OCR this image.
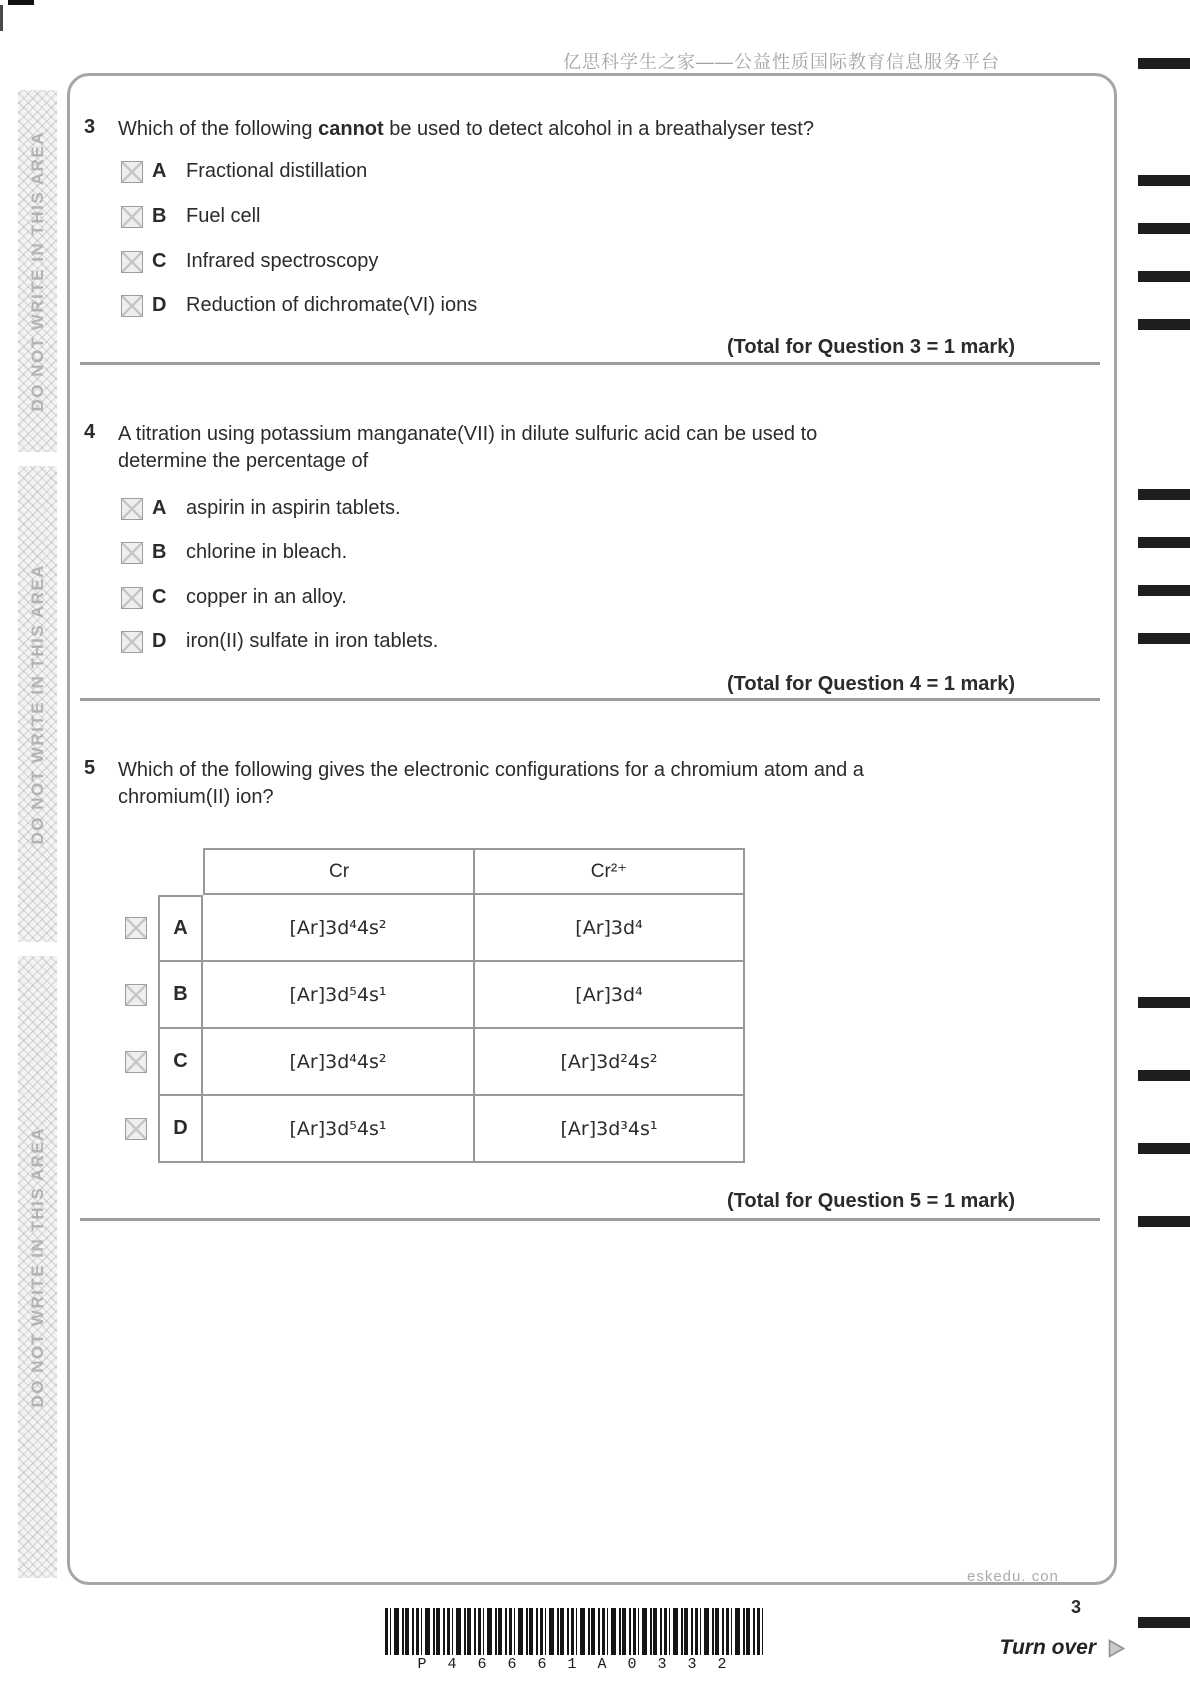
亿思科学生之家——公益性质国际教育信息服务平台
DO NOT WRITE IN THIS AREA
DO NOT WRITE IN THIS AREA
DO NOT WRITE IN THIS AREA
3 Which of the following cannot be used to detect alcohol in a breathalyser test?
A Fractional distillation
B Fuel cell
C Infrared spectroscopy
D Reduction of dichromate(VI) ions
(Total for Question 3 = 1 mark)
4 A titration using potassium manganate(VII) in dilute sulfuric acid can be used to determine the percentage of
A aspirin in aspirin tablets.
B chlorine in bleach.
C copper in an alloy.
D iron(II) sulfate in iron tablets.
(Total for Question 4 = 1 mark)
5 Which of the following gives the electronic configurations for a chromium atom and a chromium(II) ion?
Cr	Cr²⁺
A	[Ar]3d⁴4s²	[Ar]3d⁴
B	[Ar]3d⁵4s¹	[Ar]3d⁴
C	[Ar]3d⁴4s²	[Ar]3d²4s²
D	[Ar]3d⁵4s¹	[Ar]3d³4s¹
(Total for Question 5 = 1 mark)
eskedu. con
P 4 6 6 6 1 A 0 3 3 2
3
Turn over
